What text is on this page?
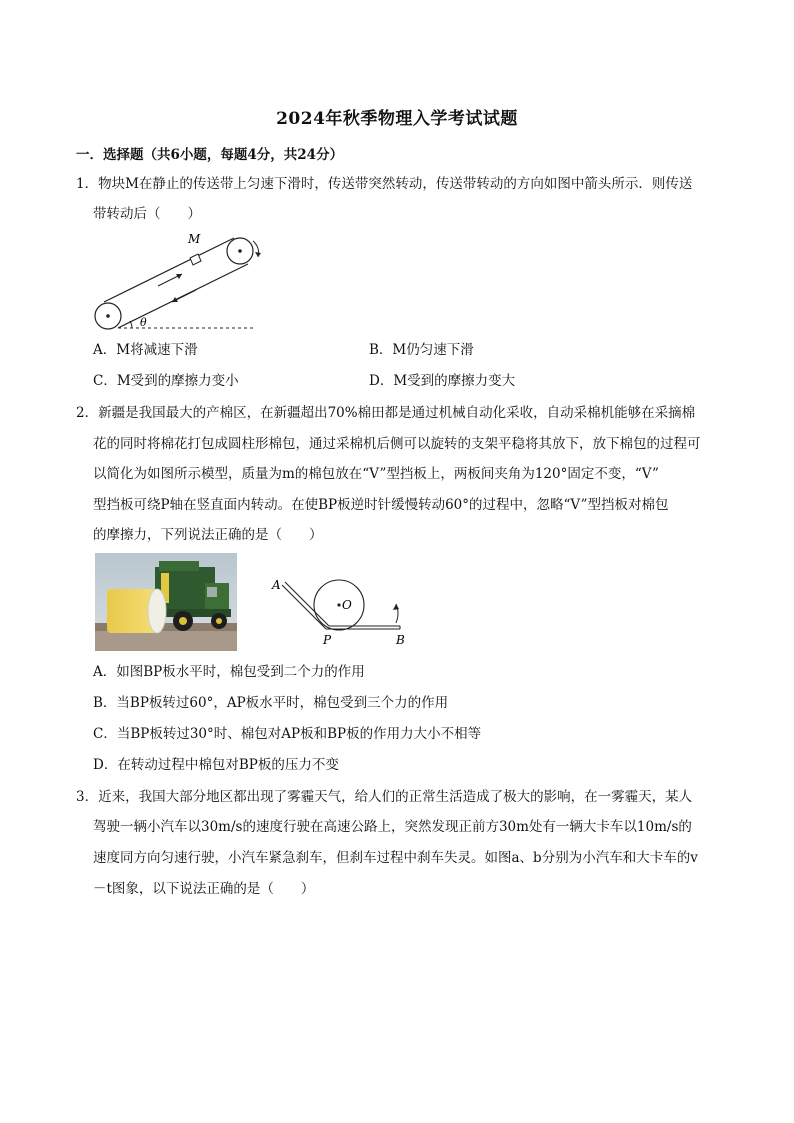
2024年秋季物理入学考试试题
一．选择题（共6小题，每题4分，共24分）
1．物块M在静止的传送带上匀速下滑时，传送带突然转动，传送带转动的方向如图中箭头所示．则传送
带转动后（　　）
M
θ
A．M将减速下滑	B．M仍匀速下滑
C．M受到的摩擦力变小	D．M受到的摩擦力变大
2．新疆是我国最大的产棉区，在新疆超出70%棉田都是通过机械自动化采收，自动采棉机能够在采摘棉
花的同时将棉花打包成圆柱形棉包，通过采棉机后侧可以旋转的支架平稳将其放下，放下棉包的过程可
以简化为如图所示模型，质量为m的棉包放在“V”型挡板上，两板间夹角为120°固定不变，“V”
型挡板可绕P轴在竖直面内转动。在使BP板逆时针缓慢转动60°的过程中，忽略“V”型挡板对棉包
的摩擦力，下列说法正确的是（　　）
A
O
P	B
A．如图BP板水平时，棉包受到二个力的作用
B．当BP板转过60°，AP板水平时，棉包受到三个力的作用
C．当BP板转过30°时、棉包对AP板和BP板的作用力大小不相等
D．在转动过程中棉包对BP板的压力不变
3．近来，我国大部分地区都出现了雾霾天气，给人们的正常生活造成了极大的影响，在一雾霾天，某人
驾驶一辆小汽车以30m/s的速度行驶在高速公路上，突然发现正前方30m处有一辆大卡车以10m/s的
速度同方向匀速行驶，小汽车紧急刹车，但刹车过程中刹车失灵。如图a、b分别为小汽车和大卡车的v
－t图象，以下说法正确的是（　　）
